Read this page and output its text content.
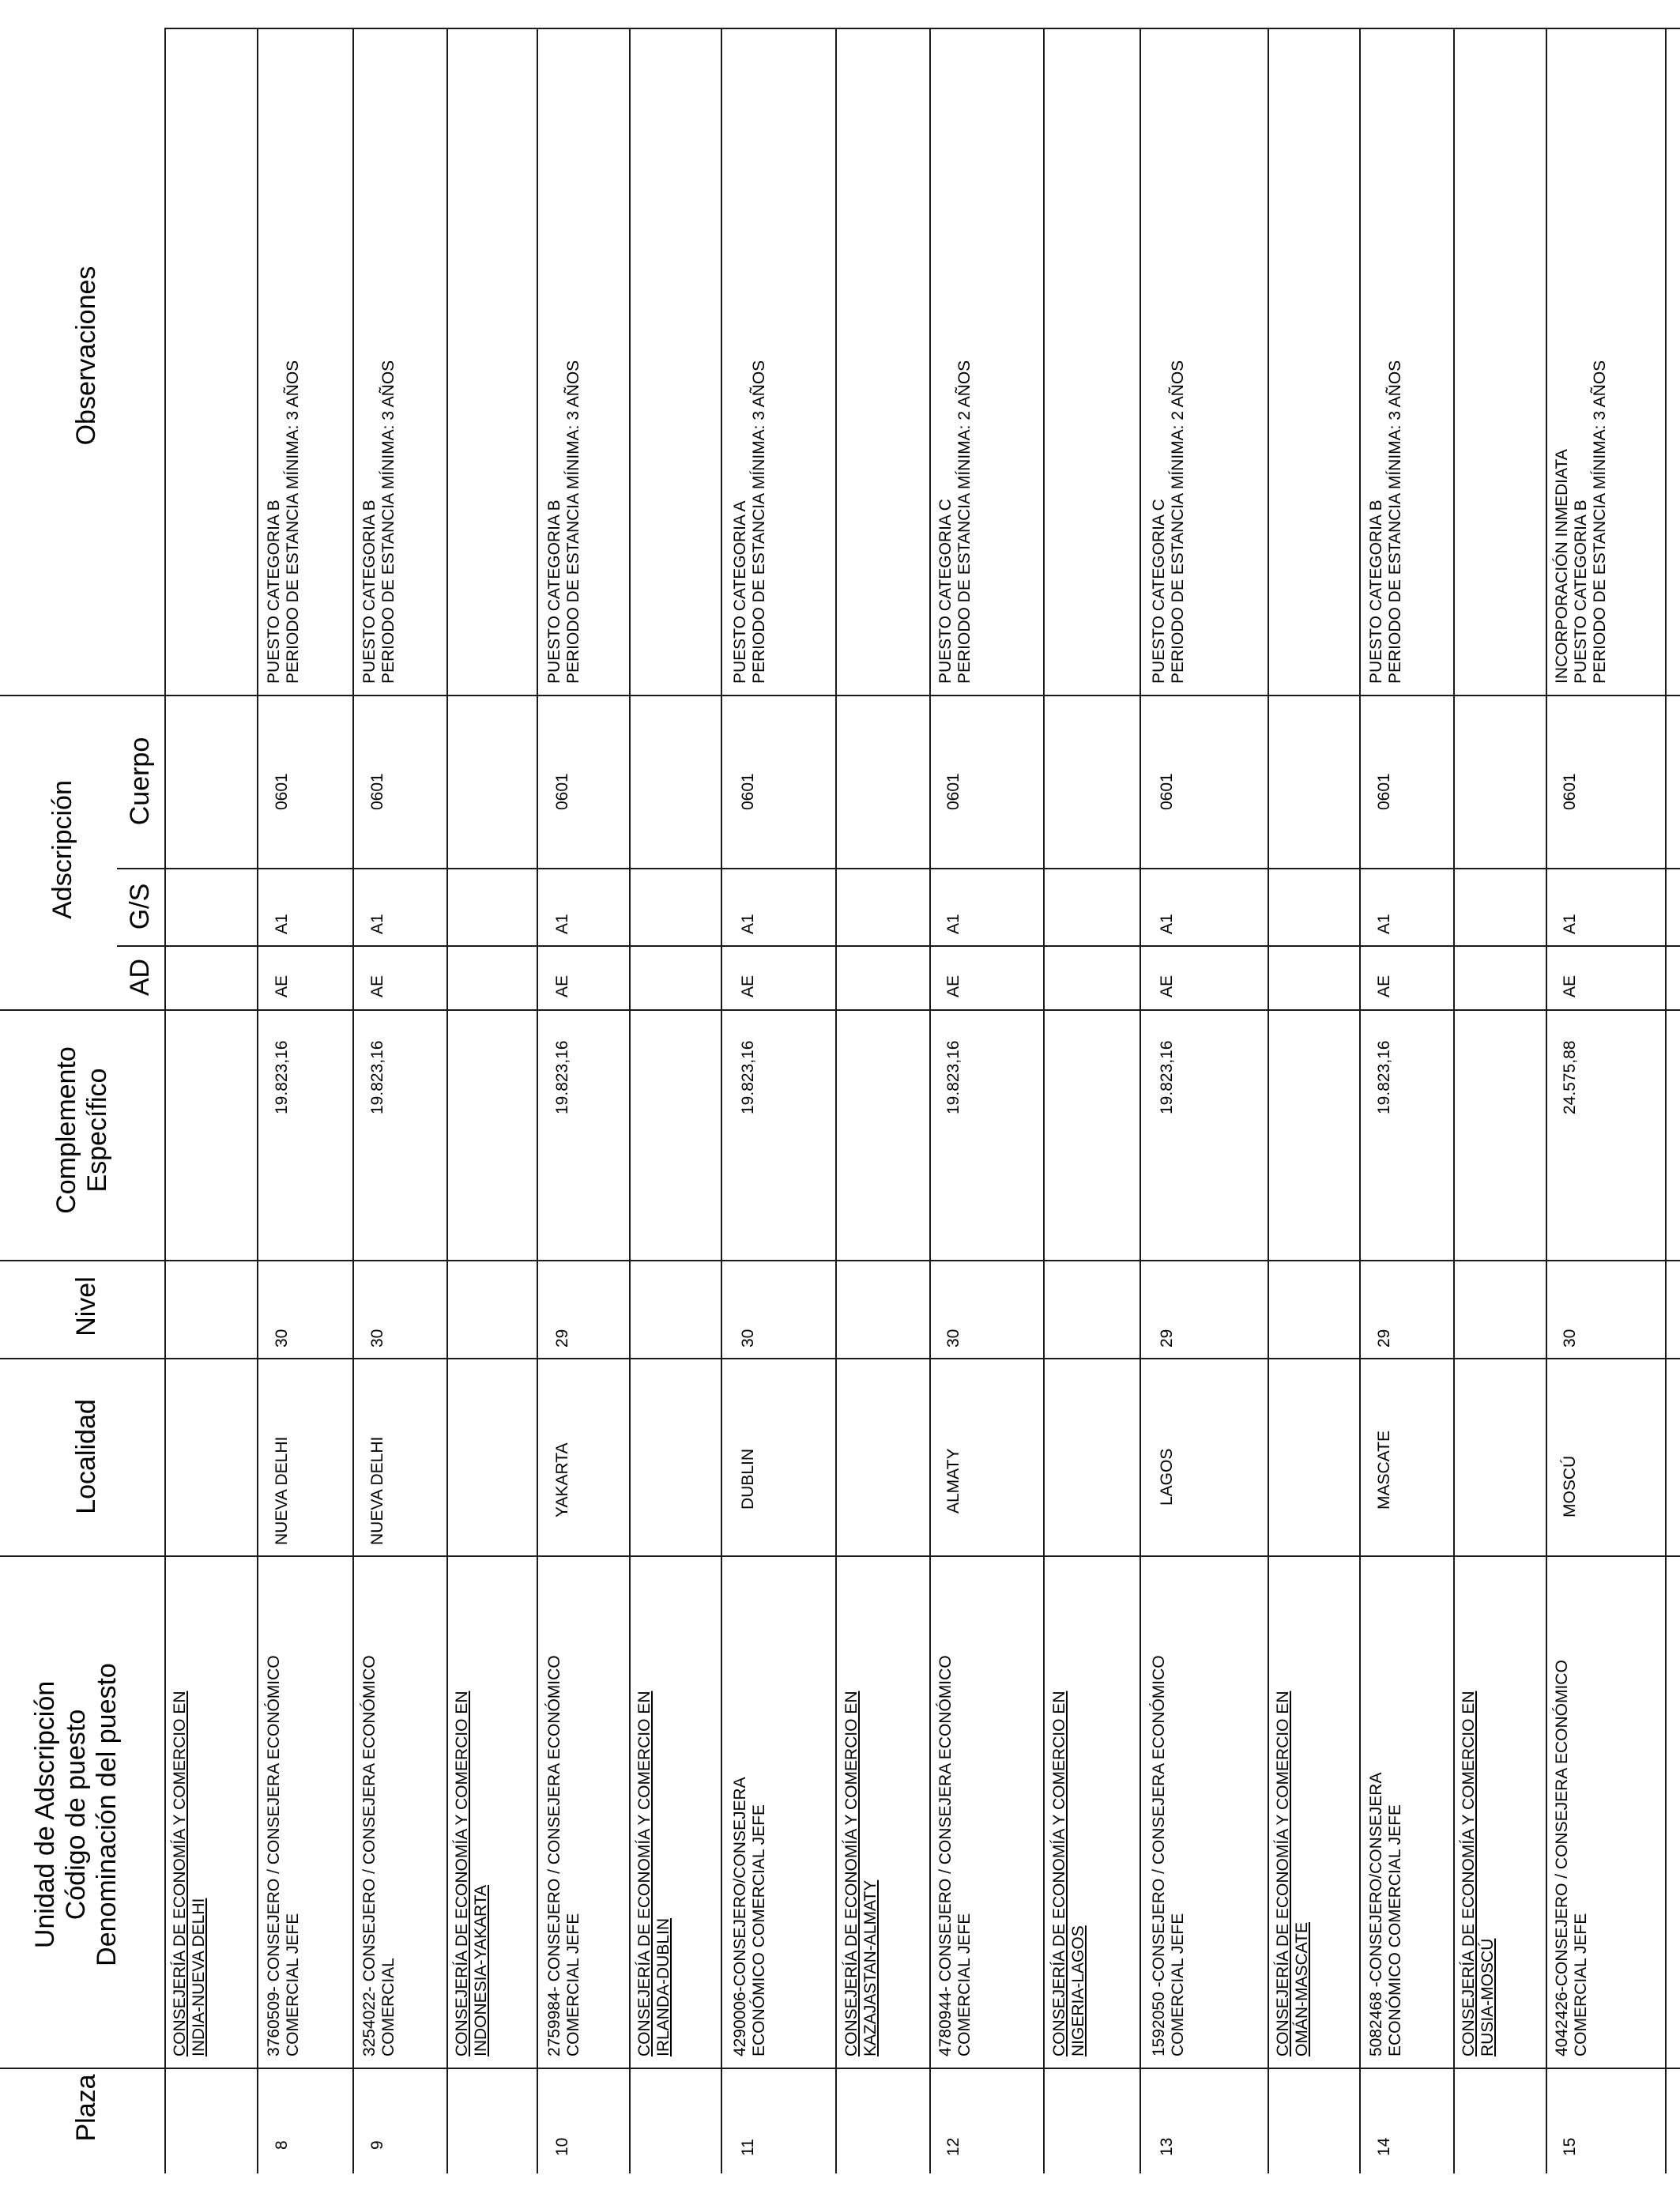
Plaza
Unidad de Adscripción Código de puesto Denominación del puesto
Localidad
Nivel
Complemento Específico
Adscripción
AD
G/S
Cuerpo
Observaciones
CONSEJERÍA DE ECONOMÍA Y COMERCIO EN INDIA-NUEVA DELHI
8
3760509- CONSEJERO / CONSEJERA ECONÓMICO COMERCIAL JEFE
NUEVA DELHI
30
19.823,16
AE
A1
0601
PUESTO CATEGORIA B PERIODO DE ESTANCIA MÍNIMA: 3 AÑOS
9
3254022- CONSEJERO / CONSEJERA ECONÓMICO COMERCIAL
NUEVA DELHI
30
19.823,16
AE
A1
0601
PUESTO CATEGORIA B PERIODO DE ESTANCIA MÍNIMA: 3 AÑOS
CONSEJERÍA DE ECONOMÍA Y COMERCIO EN INDONESIA-YAKARTA
10
2759984- CONSEJERO / CONSEJERA ECONÓMICO COMERCIAL JEFE
YAKARTA
29
19.823,16
AE
A1
0601
PUESTO CATEGORIA B PERIODO DE ESTANCIA MÍNIMA: 3 AÑOS
CONSEJERÍA DE ECONOMÍA Y COMERCIO EN IRLANDA-DUBLIN
11
4290006-CONSEJERO/CONSEJERA ECONÓMICO COMERCIAL JEFE
DUBLIN
30
19.823,16
AE
A1
0601
PUESTO CATEGORIA A PERIODO DE ESTANCIA MÍNIMA: 3 AÑOS
CONSEJERÍA DE ECONOMÍA Y COMERCIO EN KAZAJASTAN-ALMATY
12
4780944- CONSEJERO / CONSEJERA ECONÓMICO COMERCIAL JEFE
ALMATY
30
19.823,16
AE
A1
0601
PUESTO CATEGORIA C PERIODO DE ESTANCIA MÍNIMA: 2 AÑOS
CONSEJERÍA DE ECONOMÍA Y COMERCIO EN NIGERIA-LAGOS
13
1592050 -CONSEJERO / CONSEJERA ECONÓMICO COMERCIAL JEFE
LAGOS
29
19.823,16
AE
A1
0601
PUESTO CATEGORIA C PERIODO DE ESTANCIA MÍNIMA: 2 AÑOS
CONSEJERÍA DE ECONOMÍA Y COMERCIO EN OMÁN-MASCATE
14
5082468 -CONSEJERO/CONSEJERA ECONÓMICO COMERCIAL JEFE
MASCATE
29
19.823,16
AE
A1
0601
PUESTO CATEGORIA B PERIODO DE ESTANCIA MÍNIMA: 3 AÑOS
CONSEJERÍA DE ECONOMÍA Y COMERCIO EN RUSIA-MOSCÚ
15
4042426-CONSEJERO / CONSEJERA ECONÓMICO COMERCIAL JEFE
MOSCÚ
30
24.575,88
AE
A1
0601
INCORPORACIÓN INMEDIATA PUESTO CATEGORIA B PERIODO DE ESTANCIA MÍNIMA: 3 AÑOS
